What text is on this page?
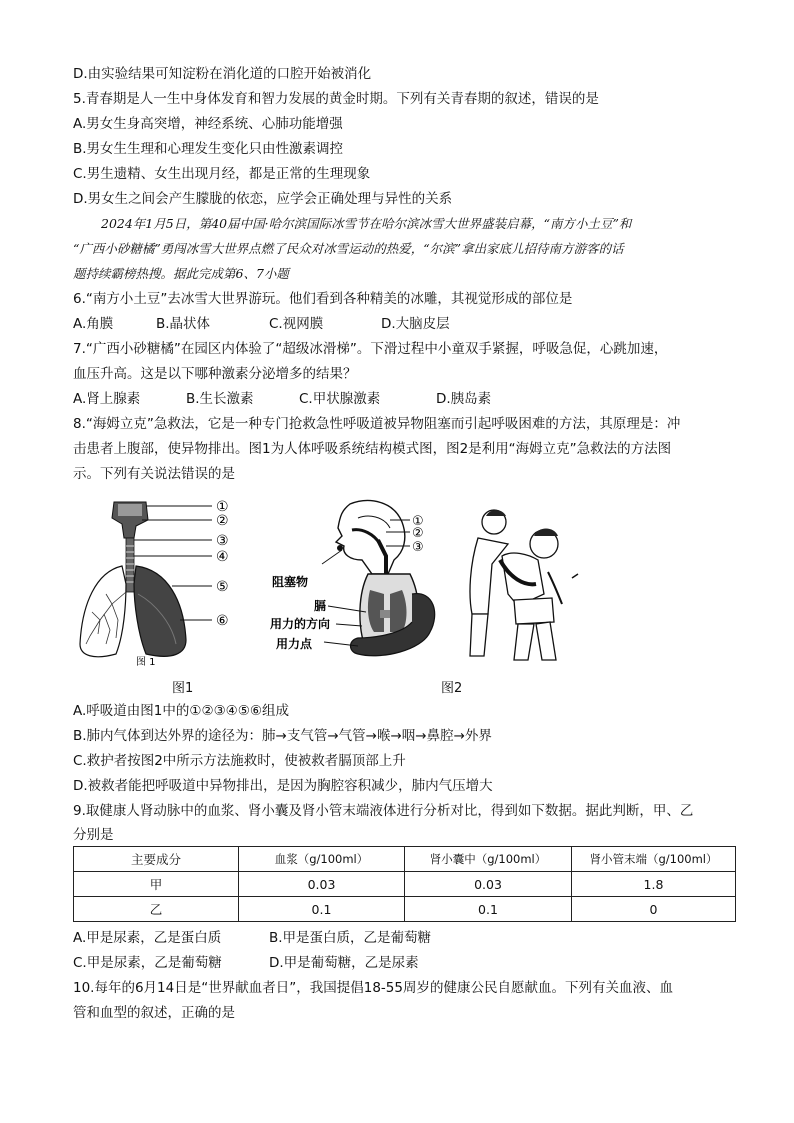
D.由实验结果可知淀粉在消化道的口腔开始被消化
5.青春期是人一生中身体发育和智力发展的黄金时期。下列有关青春期的叙述，错误的是
A.男女生身高突增，神经系统、心肺功能增强
B.男女生生理和心理发生变化只由性激素调控
C.男生遗精、女生出现月经，都是正常的生理现象
D.男女生之间会产生朦胧的依恋，应学会正确处理与异性的关系
2024年1月5日，第40届中国·哈尔滨国际冰雪节在哈尔滨冰雪大世界盛装启幕，“南方小土豆”和
“广西小砂糖橘”勇闯冰雪大世界点燃了民众对冰雪运动的热爱，“尔滨”拿出家底儿招待南方游客的话
题持续霸榜热搜。据此完成第6、7小题
6.“南方小土豆”去冰雪大世界游玩。他们看到各种精美的冰雕，其视觉形成的部位是
A.角膜	B.晶状体	C.视网膜	D.大脑皮层
7.“广西小砂糖橘”在园区内体验了“超级冰滑梯”。下滑过程中小童双手紧握，呼吸急促，心跳加速，
血压升高。这是以下哪种激素分泌增多的结果？
A.肾上腺素	B.生长激素	C.甲状腺激素	D.胰岛素
8.“海姆立克”急救法，它是一种专门抢救急性呼吸道被异物阻塞而引起呼吸困难的方法，其原理是：冲
击患者上腹部，使异物排出。图1为人体呼吸系统结构模式图，图2是利用“海姆立克”急救法的方法图
示。下列有关说法错误的是
①
②
③
④
⑤
⑥
图 1
①
②
③
阻塞物
膈
用力的方向
用力点
图1	图2
A.呼吸道由图1中的①②③④⑤⑥组成
B.肺内气体到达外界的途径为：肺→支气管→气管→喉→咽→鼻腔→外界
C.救护者按图2中所示方法施救时，使被救者膈顶部上升
D.被救者能把呼吸道中异物排出，是因为胸腔容积减少，肺内气压增大
9.取健康人肾动脉中的血浆、肾小囊及肾小管末端液体进行分析对比，得到如下数据。据此判断，甲、乙
分别是
主要成分	血浆（g/100ml）	肾小囊中（g/100ml）	肾小管末端（g/100ml）
甲	0.03	0.03	1.8
乙	0.1	0.1	0
A.甲是尿素，乙是蛋白质	B.甲是蛋白质，乙是葡萄糖
C.甲是尿素，乙是葡萄糖	D.甲是葡萄糖，乙是尿素
10.每年的6月14日是“世界献血者日”，我国提倡18-55周岁的健康公民自愿献血。下列有关血液、血
管和血型的叙述，正确的是
